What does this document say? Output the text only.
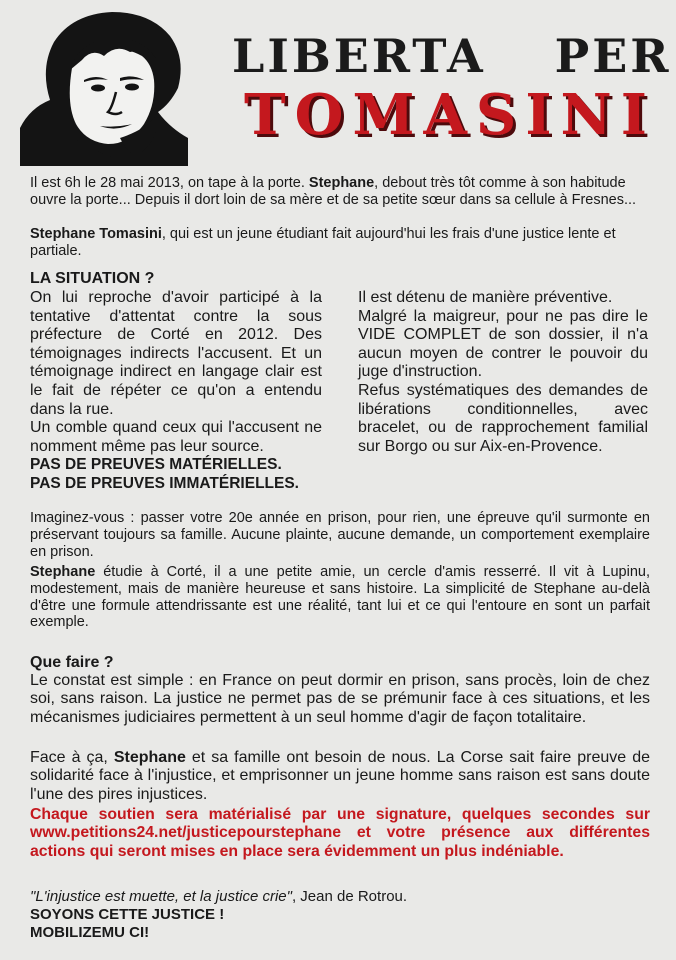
LIBERTA PER
TOMASINI

Il est 6h le 28 mai 2013, on tape à la porte. Stephane, debout très tôt comme à son habitude ouvre la porte... Depuis il dort loin de sa mère et de sa petite sœur dans sa cellule à Fresnes...

Stephane Tomasini, qui est un jeune étudiant fait aujourd'hui les frais d'une justice lente et partiale.

LA SITUATION ?

On lui reproche d'avoir participé à la tentative d'attentat contre la sous préfecture de Corté en 2012. Des témoignages indirects l'accusent. Et un témoignage indirect en langage clair est le fait de répéter ce qu'on a entendu dans la rue.

Un comble quand ceux qui l'accusent ne nomment même pas leur source.

PAS DE PREUVES MATÉRIELLES.

PAS DE PREUVES IMMATÉRIELLES.

Il est détenu de manière préventive.

Malgré la maigreur, pour ne pas dire le VIDE COMPLET de son dossier, il n'a aucun moyen de contrer le pouvoir du juge d'instruction.

Refus systématiques des demandes de libérations conditionnelles, avec bracelet, ou de rapprochement familial sur Borgo ou sur Aix-en-Provence.

Imaginez-vous : passer votre 20e année en prison, pour rien, une épreuve qu'il surmonte en préservant toujours sa famille. Aucune plainte, aucune demande, un comportement exemplaire en prison.

Stephane étudie à Corté, il a une petite amie, un cercle d'amis resserré. Il vit à Lupinu, modestement, mais de manière heureuse et sans histoire. La simplicité de Stephane au-delà d'être une formule attendrissante est une réalité, tant lui et ce qui l'entoure en sont un parfait exemple.

Que faire ?

Le constat est simple : en France on peut dormir en prison, sans procès, loin de chez soi, sans raison. La justice ne permet pas de se prémunir face à ces situations, et les mécanismes judiciaires permettent à un seul homme d'agir de façon totalitaire.

Face à ça, Stephane et sa famille ont besoin de nous. La Corse sait faire preuve de solidarité face à l'injustice, et emprisonner un jeune homme sans raison est sans doute l'une des pires injustices.

Chaque soutien sera matérialisé par une signature, quelques secondes sur www.petitions24.net/justicepourstephane et votre présence aux différentes actions qui seront mises en place sera évidemment un plus indéniable.

"L'injustice est muette, et la justice crie", Jean de Rotrou.

SOYONS CETTE JUSTICE !
MOBILIZEMU CI!
